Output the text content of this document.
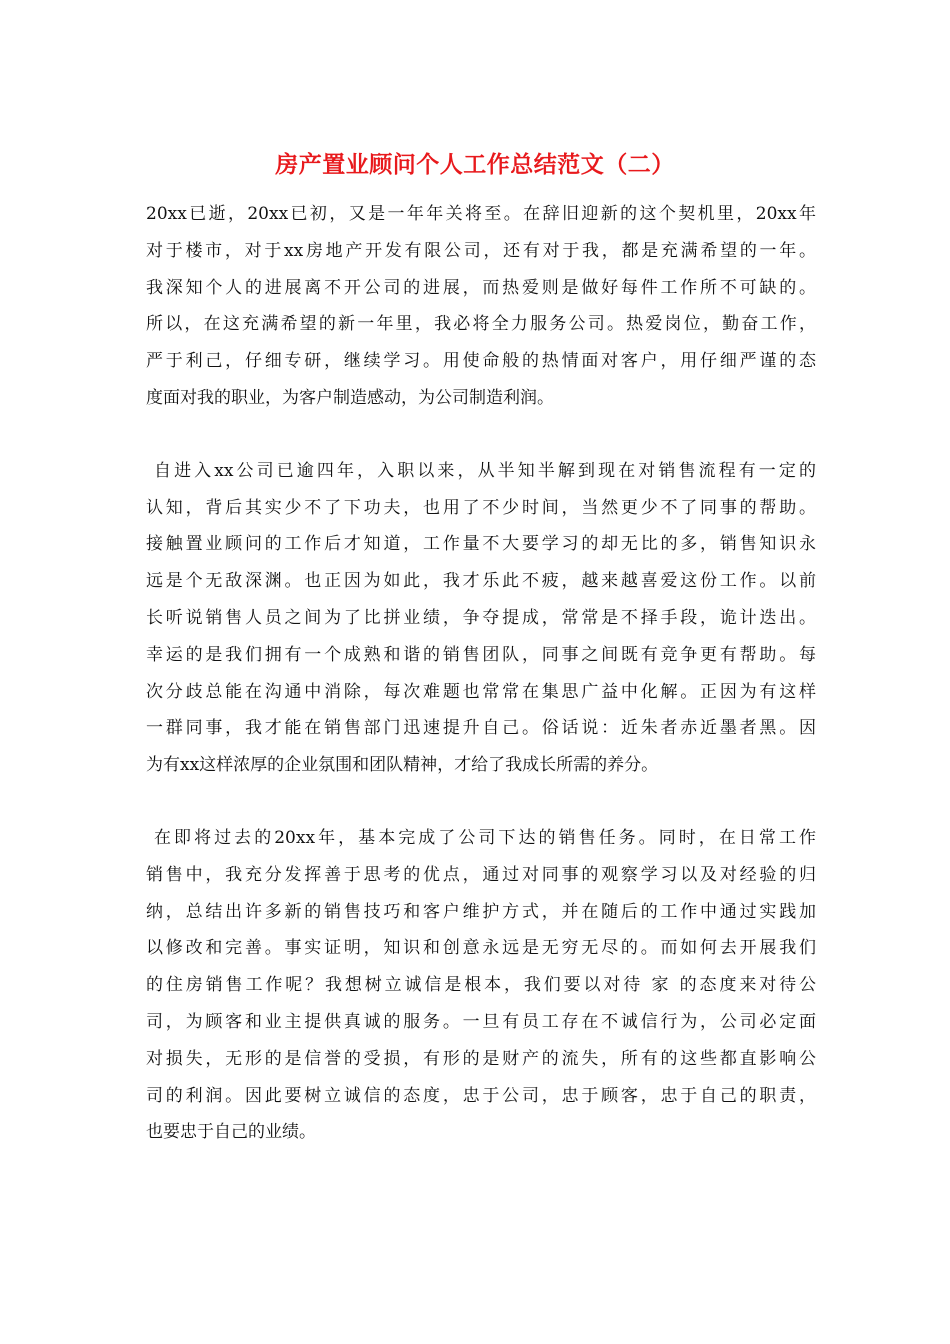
房产置业顾问个人工作总结范文（二）
20xx已逝，20xx已初，又是一年年关将至。在辞旧迎新的这个契机里，20xx年
对于楼市，对于xx房地产开发有限公司，还有对于我，都是充满希望的一年。
我深知个人的进展离不开公司的进展，而热爱则是做好每件工作所不可缺的。
所以，在这充满希望的新一年里，我必将全力服务公司。热爱岗位，勤奋工作，
严于利己，仔细专研，继续学习。用使命般的热情面对客户，用仔细严谨的态
度面对我的职业，为客户制造感动，为公司制造利润。
自进入xx公司已逾四年，入职以来，从半知半解到现在对销售流程有一定的
认知，背后其实少不了下功夫，也用了不少时间，当然更少不了同事的帮助。
接触置业顾问的工作后才知道，工作量不大要学习的却无比的多，销售知识永
远是个无敌深渊。也正因为如此，我才乐此不疲，越来越喜爱这份工作。以前
长听说销售人员之间为了比拼业绩，争夺提成，常常是不择手段，诡计迭出。
幸运的是我们拥有一个成熟和谐的销售团队，同事之间既有竞争更有帮助。每
次分歧总能在沟通中消除，每次难题也常常在集思广益中化解。正因为有这样
一群同事，我才能在销售部门迅速提升自己。俗话说：近朱者赤近墨者黑。因
为有xx这样浓厚的企业氛围和团队精神，才给了我成长所需的养分。
在即将过去的20xx年，基本完成了公司下达的销售任务。同时，在日常工作
销售中，我充分发挥善于思考的优点，通过对同事的观察学习以及对经验的归
纳，总结出许多新的销售技巧和客户维护方式，并在随后的工作中通过实践加
以修改和完善。事实证明，知识和创意永远是无穷无尽的。而如何去开展我们
的住房销售工作呢？我想树立诚信是根本，我们要以对待 家 的态度来对待公
司，为顾客和业主提供真诚的服务。一旦有员工存在不诚信行为，公司必定面
对损失，无形的是信誉的受损，有形的是财产的流失，所有的这些都直影响公
司的利润。因此要树立诚信的态度，忠于公司，忠于顾客，忠于自己的职责，
也要忠于自己的业绩。
